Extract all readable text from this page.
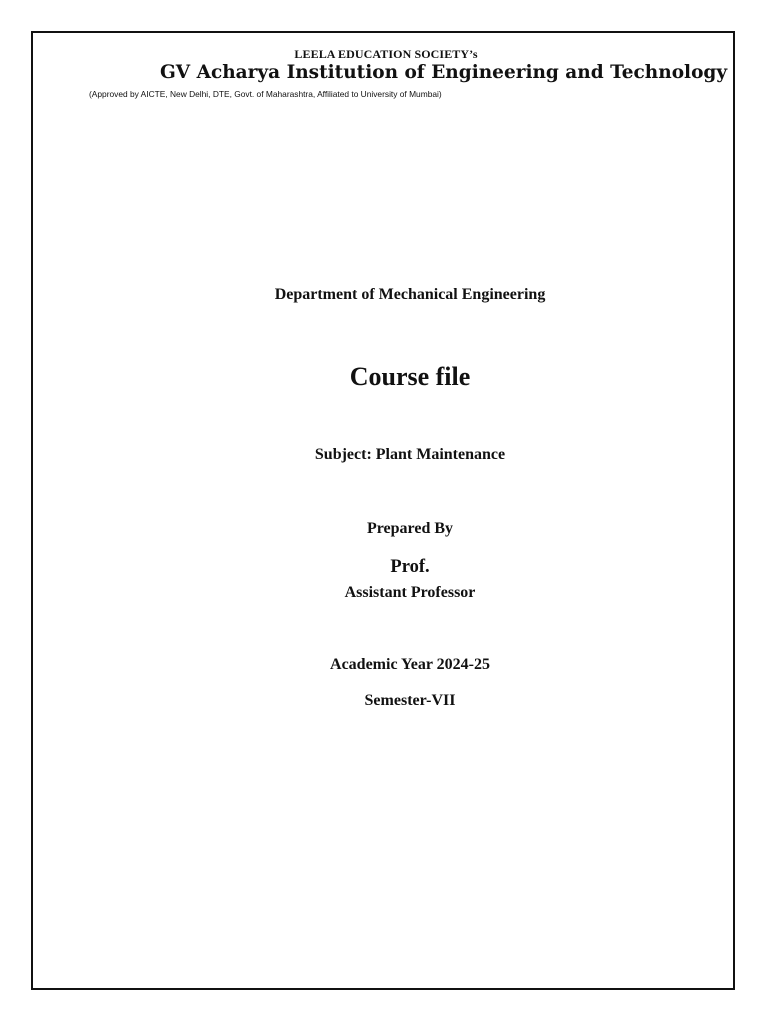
LEELA EDUCATION SOCIETY’s

GV Acharya Institution of Engineering and Technology

(Approved by AICTE, New Delhi, DTE, Govt. of Maharashtra, Affiliated to University of Mumbai)

Department of Mechanical Engineering

Course file

Subject: Plant Maintenance

Prepared By

Prof.

Assistant Professor

Academic Year 2024-25

Semester-VII
